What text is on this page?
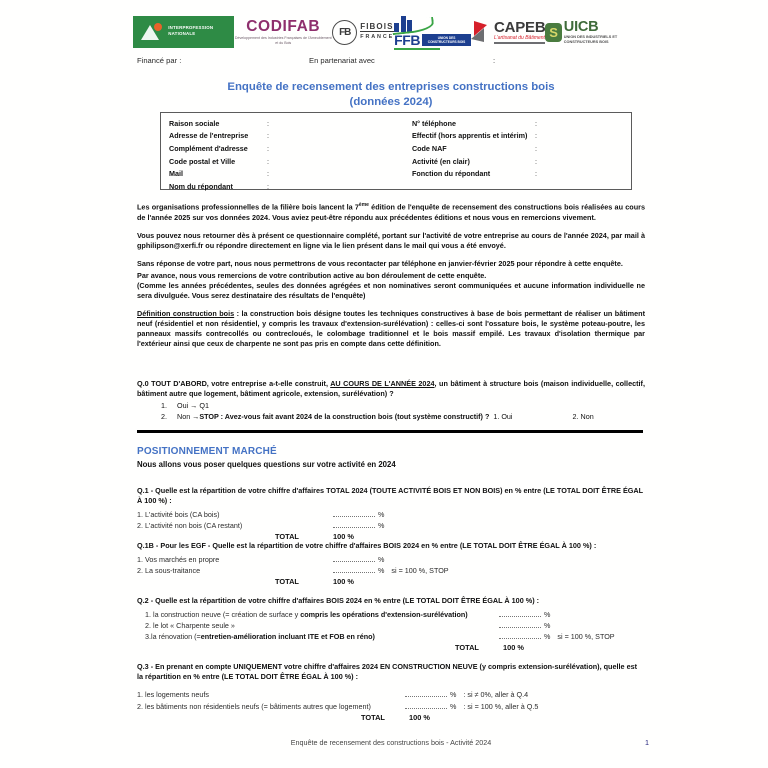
INTERPROFESSION NATIONALE	CODIFAB
Développement des Industries Françaises de l'Ameublement et du Bois
FB	FIBOIS
FRANCE FFB	UNION DES CONSTRUCTEURS BOIS
CAPEB
L'artisanat du Bâtiment S UICB
UNION DES INDUSTRIELS ET CONSTRUCTEURS BOIS
Financé par :	En partenariat avec	:
Enquête de recensement des entreprises constructions bois
(données 2024)
Raison sociale	:	N° téléphone	:
Adresse de l'entreprise	:	Effectif (hors apprentis et intérim)	:
Complément d'adresse	:	Code NAF	:
Code postal et Ville	:	Activité (en clair)	:
Mail	:	Fonction du répondant	:
Nom du répondant	:

Les organisations professionnelles de la filière bois lancent la 7ème édition de l'enquête de recensement des constructions bois réalisées au cours de l'année 2025 sur vos données 2024. Vous aviez peut-être répondu aux précédentes éditions et nous vous en remercions vivement.

Vous pouvez nous retourner dès à présent ce questionnaire complété, portant sur l'activité de votre entreprise au cours de l'année 2024, par mail à gphilipson@xerfi.fr ou répondre directement en ligne via le lien présent dans le mail qui vous a été envoyé.

Sans réponse de votre part, nous nous permettrons de vous recontacter par téléphone en janvier-février 2025 pour répondre à cette enquête.

Par avance, nous vous remercions de votre contribution active au bon déroulement de cette enquête.

(Comme les années précédentes, seules des données agrégées et non nominatives seront communiquées et aucune information individuelle ne sera divulguée. Vous serez destinataire des résultats de l'enquête)

Définition construction bois : la construction bois désigne toutes les techniques constructives à base de bois permettant de réaliser un bâtiment neuf (résidentiel et non résidentiel, y compris les travaux d'extension-surélévation) : celles-ci sont l'ossature bois, le système poteau-poutre, les panneaux massifs contrecollés ou contrecloués, le colombage traditionnel et le bois massif empilé. Les travaux d'isolation thermique par l'extérieur ainsi que ceux de charpente ne sont pas pris en compte dans cette définition.

Q.0 TOUT D'ABORD, votre entreprise a-t-elle construit, AU COURS DE L'ANNÉE 2024, un bâtiment à structure bois (maison individuelle, collectif, bâtiment autre que logement, bâtiment agricole, extension, surélévation) ?
1.	Oui → Q1
2.	Non → STOP : Avez-vous fait avant 2024 de la construction bois (tout système constructif) ? 1. Oui	2. Non
POSITIONNEMENT MARCHÉ
Nous allons vous poser quelques questions sur votre activité en 2024
Q.1 - Quelle est la répartition de votre chiffre d'affaires TOTAL 2024 (TOUTE ACTIVITÉ BOIS ET NON BOIS) en % entre (LE TOTAL DOIT ÊTRE ÉGAL À 100 %) :
1. L'activité bois (CA bois)	%
2. L'activité non bois (CA restant)	%
TOTAL	100 %
Q.1B - Pour les EGF - Quelle est la répartition de votre chiffre d'affaires BOIS 2024 en % entre (LE TOTAL DOIT ÊTRE ÉGAL À 100 %) :
1. Vos marchés en propre	%
2. La sous-traitance	% si = 100 %, STOP
TOTAL	100 %
Q.2 - Quelle est la répartition de votre chiffre d'affaires BOIS 2024 en % entre (LE TOTAL DOIT ÊTRE ÉGAL À 100 %) :
1. la construction neuve (= création de surface y compris les opérations d'extension-surélévation)	%
2. le lot « Charpente seule »	%
3.la rénovation (=entretien-amélioration incluant ITE et FOB en réno)	% si = 100 %, STOP
TOTAL	100 %
Q.3 - En prenant en compte UNIQUEMENT votre chiffre d'affaires 2024 EN CONSTRUCTION NEUVE (y compris extension-surélévation), quelle est la répartition en % entre (LE TOTAL DOIT ÊTRE ÉGAL À 100 %) :
1. les logements neufs	% : si ≠ 0%, aller à Q.4
2. les bâtiments non résidentiels neufs (= bâtiments autres que logement)	% : si = 100 %, aller à Q.5
TOTAL	100 %
Enquête de recensement des constructions bois - Activité 2024	1
